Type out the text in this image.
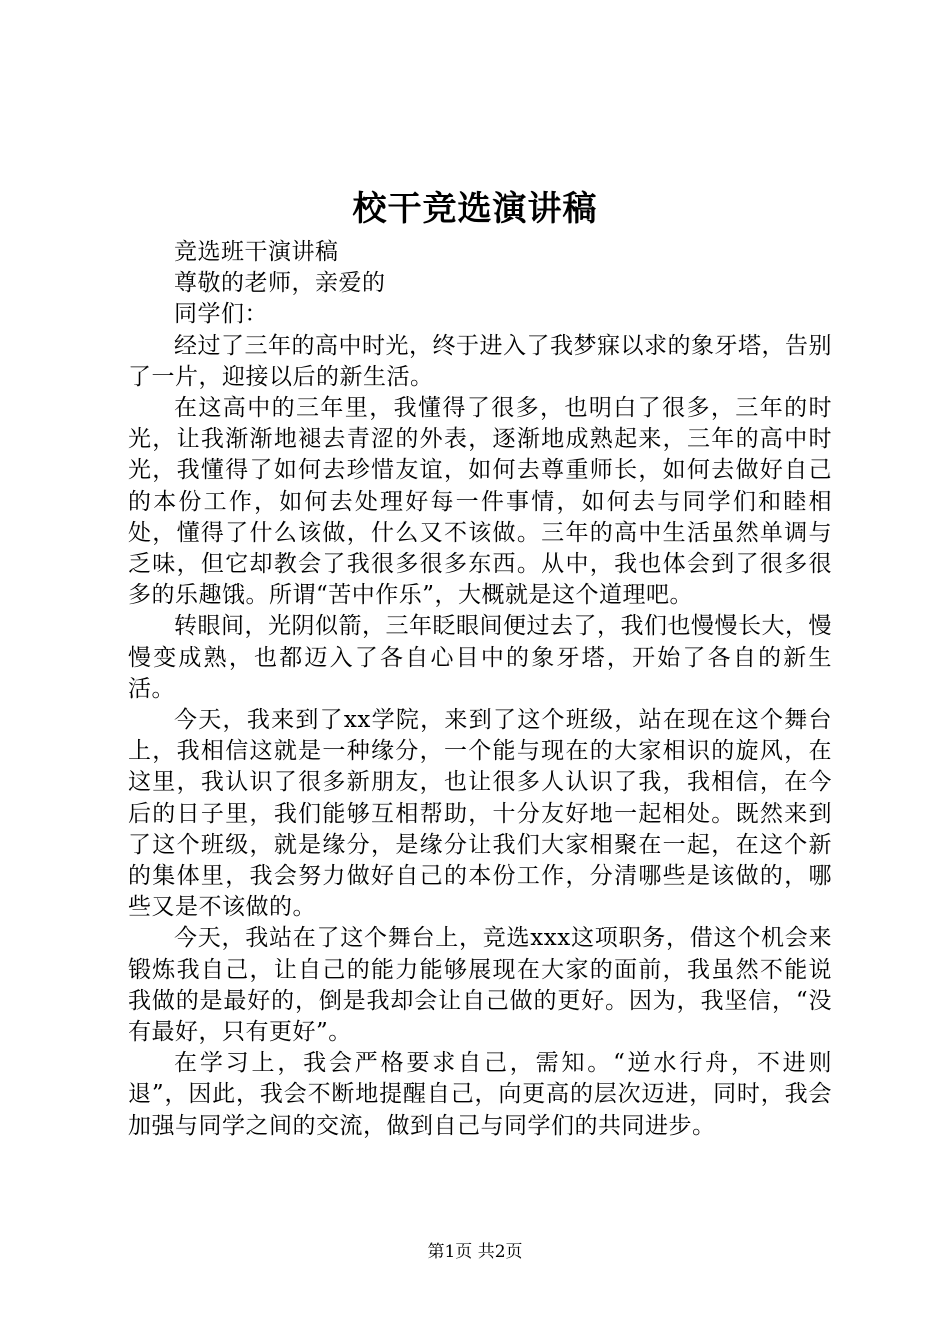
校干竞选演讲稿

竞选班干演讲稿

尊敬的老师，亲爱的

同学们：

经过了三年的高中时光，终于进入了我梦寐以求的象牙塔，告别了一片，迎接以后的新生活。

在这高中的三年里，我懂得了很多，也明白了很多，三年的时光，让我渐渐地褪去青涩的外表，逐渐地成熟起来，三年的高中时光，我懂得了如何去珍惜友谊，如何去尊重师长，如何去做好自己的本份工作，如何去处理好每一件事情，如何去与同学们和睦相处，懂得了什么该做，什么又不该做。三年的高中生活虽然单调与乏味，但它却教会了我很多很多东西。从中，我也体会到了很多很多的乐趣饿。所谓“苦中作乐”，大概就是这个道理吧。

转眼间，光阴似箭，三年眨眼间便过去了，我们也慢慢长大，慢慢变成熟，也都迈入了各自心目中的象牙塔，开始了各自的新生活。

今天，我来到了xx学院，来到了这个班级，站在现在这个舞台上，我相信这就是一种缘分，一个能与现在的大家相识的旋风，在这里，我认识了很多新朋友，也让很多人认识了我，我相信，在今后的日子里，我们能够互相帮助，十分友好地一起相处。既然来到了这个班级，就是缘分，是缘分让我们大家相聚在一起，在这个新的集体里，我会努力做好自己的本份工作，分清哪些是该做的，哪些又是不该做的。

今天，我站在了这个舞台上，竞选xxx这项职务，借这个机会来锻炼我自己，让自己的能力能够展现在大家的面前，我虽然不能说我做的是最好的，倒是我却会让自己做的更好。因为，我坚信，“没有最好，只有更好”。

在学习上，我会严格要求自己，需知。“逆水行舟，不进则退”，因此，我会不断地提醒自己，向更高的层次迈进，同时，我会加强与同学之间的交流，做到自己与同学们的共同进步。

第1页 共2页
